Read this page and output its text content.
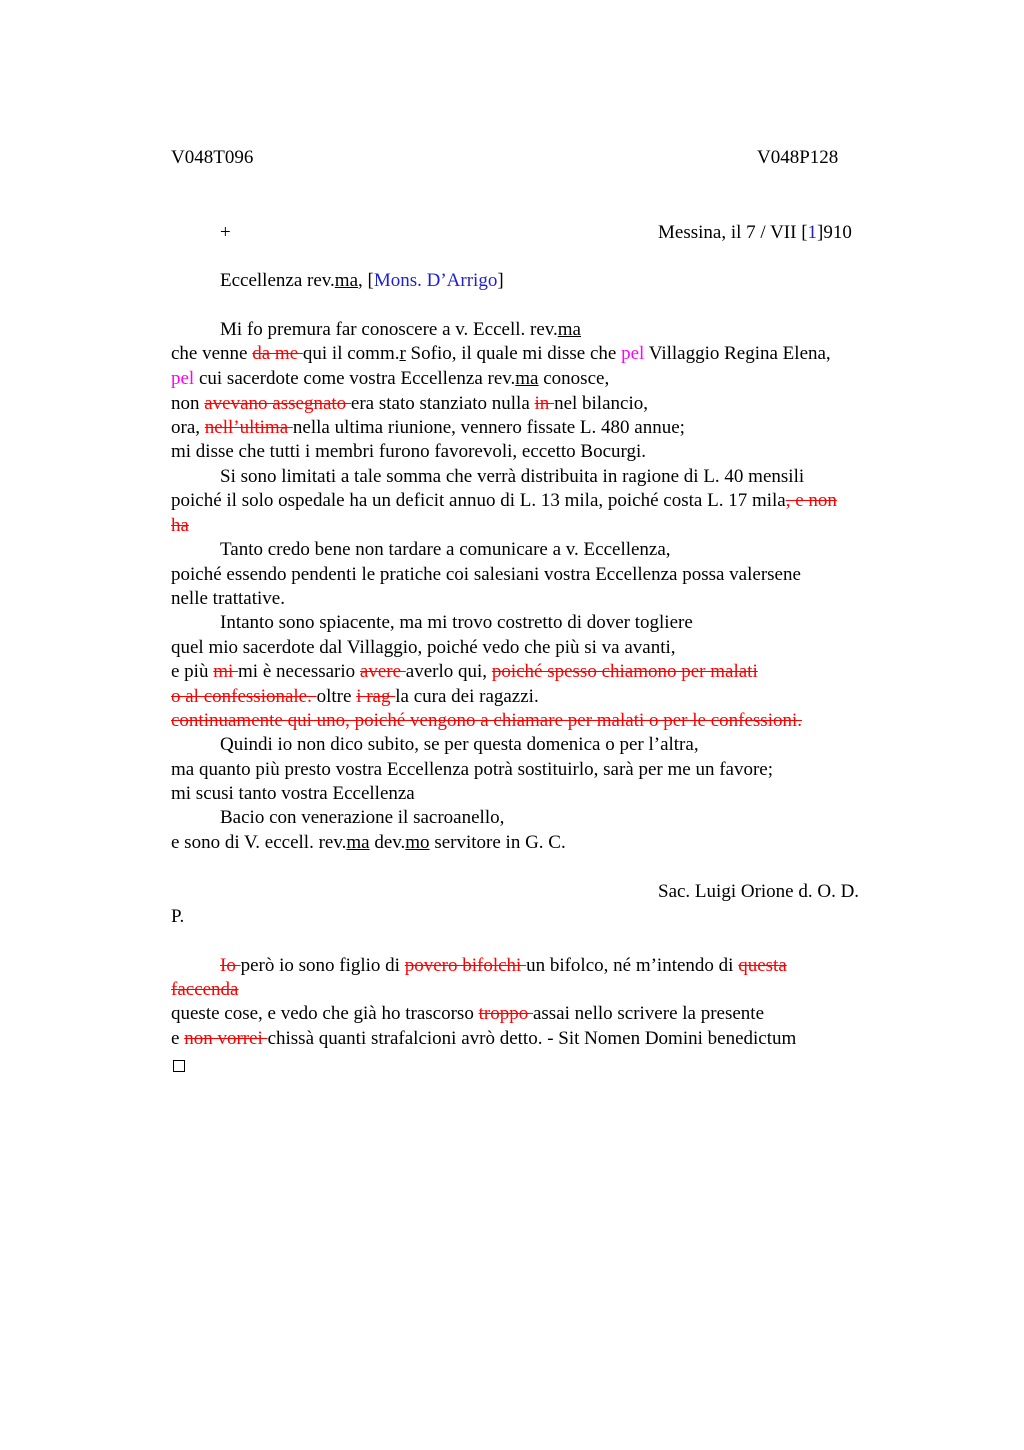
V048T096	V048P128
+	Messina, il 7 / VII [1]910
Eccellenza rev.ma, [Mons. D’Arrigo]
Mi fo premura far conoscere a v. Eccell. rev.ma
che venne da me qui il comm.r Sofio, il quale mi disse che pel Villaggio Regina Elena,
pel cui sacerdote come vostra Eccellenza rev.ma conosce,
non avevano assegnato era stato stanziato nulla in nel bilancio,
ora, nell’ultima nella ultima riunione, vennero fissate L. 480 annue;
mi disse che tutti i membri furono favorevoli, eccetto Bocurgi.
Si sono limitati a tale somma che verrà distribuita in ragione di L. 40 mensili
poiché il solo ospedale ha un deficit annuo di L. 13 mila, poiché costa L. 17 mila, e non
ha
Tanto credo bene non tardare a comunicare a v. Eccellenza,
poiché essendo pendenti le pratiche coi salesiani vostra Eccellenza possa valersene
nelle trattative.
Intanto sono spiacente, ma mi trovo costretto di dover togliere
quel mio sacerdote dal Villaggio, poiché vedo che più si va avanti,
e più mi mi è necessario avere averlo qui, poiché spesso chiamono per malati
o al confessionale. oltre i rag la cura dei ragazzi.
continuamente qui uno, poiché vengono a chiamare per malati o per le confessioni.
Quindi io non dico subito, se per questa domenica o per l’altra,
ma quanto più presto vostra Eccellenza potrà sostituirlo, sarà per me un favore;
mi scusi tanto vostra Eccellenza
Bacio con venerazione il sacroanello,
e sono di V. eccell. rev.ma dev.mo servitore in G. C.
Sac. Luigi Orione d. O. D.
P.
Io però io sono figlio di povero bifolchi un bifolco, né m’intendo di questa
faccenda
queste cose, e vedo che già ho trascorso troppo assai nello scrivere la presente
e non vorrei chissà quanti strafalcioni avrò detto. - Sit Nomen Domini benedictum
